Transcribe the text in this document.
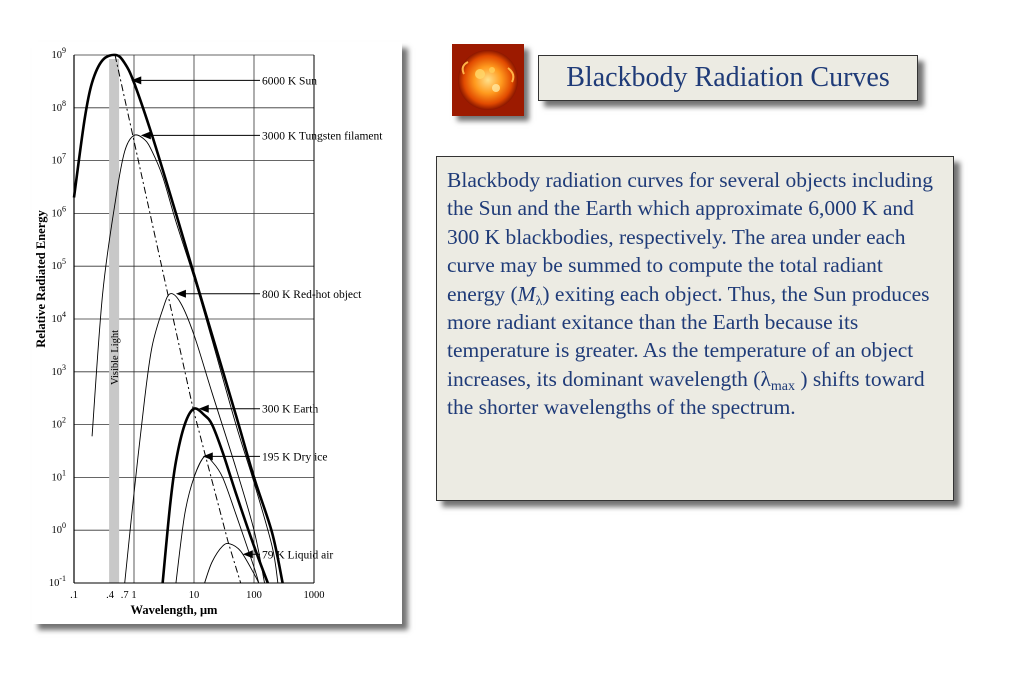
Visible Light
6000 K Sun
3000 K Tungsten filament
800 K Red-hot object
300 K Earth
195 K Dry ice
79 K Liquid air
.1	.4 .7 1	10	100	1000
$10^{-1}$
$10^0$
$10^1$
$10^2$
$10^3$
$10^4$
$10^5$
$10^6$
$10^7$
$10^8$
$10^9$
Wavelength, μm
Relative Radiated Energy
Blackbody Radiation Curves
Blackbody radiation curves for several objects including the Sun and the Earth which approximate 6,000 K and 300 K blackbodies, respectively. The area under each curve may be summed to compute the total radiant energy $(M_\lambda)$ exiting each object. Thus, the Sun produces more radiant exitance than the Earth because its temperature is greater. As the temperature of an object increases, its dominant wavelength ($\lambda_{max}$ ) shifts toward the shorter wavelengths of the spectrum.
